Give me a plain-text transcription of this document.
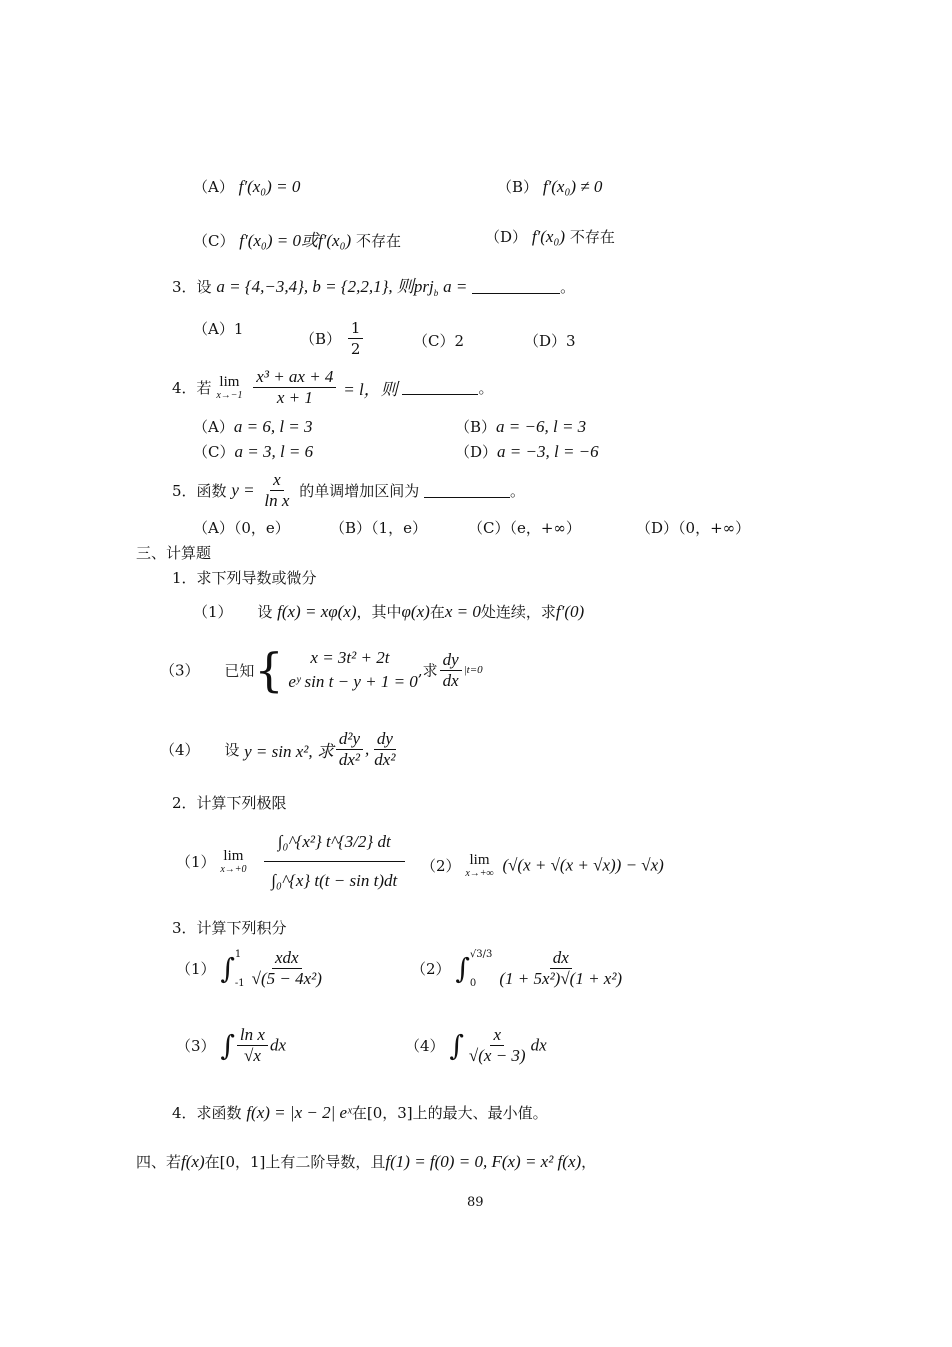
（A） f′(x₀) = 0	（B） f′(x₀) ≠ 0
（C） f′(x₀) = 0或f′(x₀) 不存在	（D） f′(x₀) 不存在
3．设 a = {4,−3,4}, b = {2,2,1}, 则prj$_b$ a =	。
（A）1
$(B) \frac{1}{2}$	（C）2	（D）3
4．若 lim
x→−1
$\frac{\text{x³ + ax + 4}}{x + 1} = l$，则	。
（A）a = 6, l = 3	（B）a = −6, l = 3
（C）a = 3, l = 6	（D）a = −3, l = −6
5．函数 $y = \frac{x}{\text{ln x}}$ 的单调增加区间为	。
（A）（0，e）	（B）（1，e）	（C）（e，+∞）	（D）（0，+∞）
三、计算题
1．求下列导数或微分
（1） 设 f(x) = xφ(x)，其中φ(x)在x = 0处连续，求f′(0)
（3） 已知{	x = 3t² + 2t
eʸ sin t − y + 1 = 0
,求 $\frac{dy}{dx} |t=0$
（4） 设 y = sin x², 求 $\frac{\text{d²y}}{\text{dx²}}$ , $\frac{dy}{\text{dx²}}$
2．计算下列极限
（1） lim
x→+0
$\frac{\text{∫₀\textasciicircum{}\{x²\} t\textasciicircum{}\{3/2\} dt}}{\text{∫₀\textasciicircum{}\{x\} t(t − sin t)dt}} (2)$ lim
x→+∞ (√(x + √(x + √x)) − √x)
3．计算下列积分
（1） ∫ 1
$-1 \frac{\text{xdx}}{\text{√(5 − 4x²)}}$	（2） ∫ √3/3
0	$\frac{dx}{\text{(1 + 5x²)√(1 + x²)}}$
（3） ∫ $\frac{\text{ln x}}{√x}$ dx	（4） ∫ $\frac{x}{√(x - 3)}$ dx
4．求函数 f(x) = |x − 2| eˣ在[0，3]上的最大、最小值。
四、若f(x)在[0，1]上有二阶导数，且f(1) = f(0) = 0, F(x) = x² f(x)，
89
